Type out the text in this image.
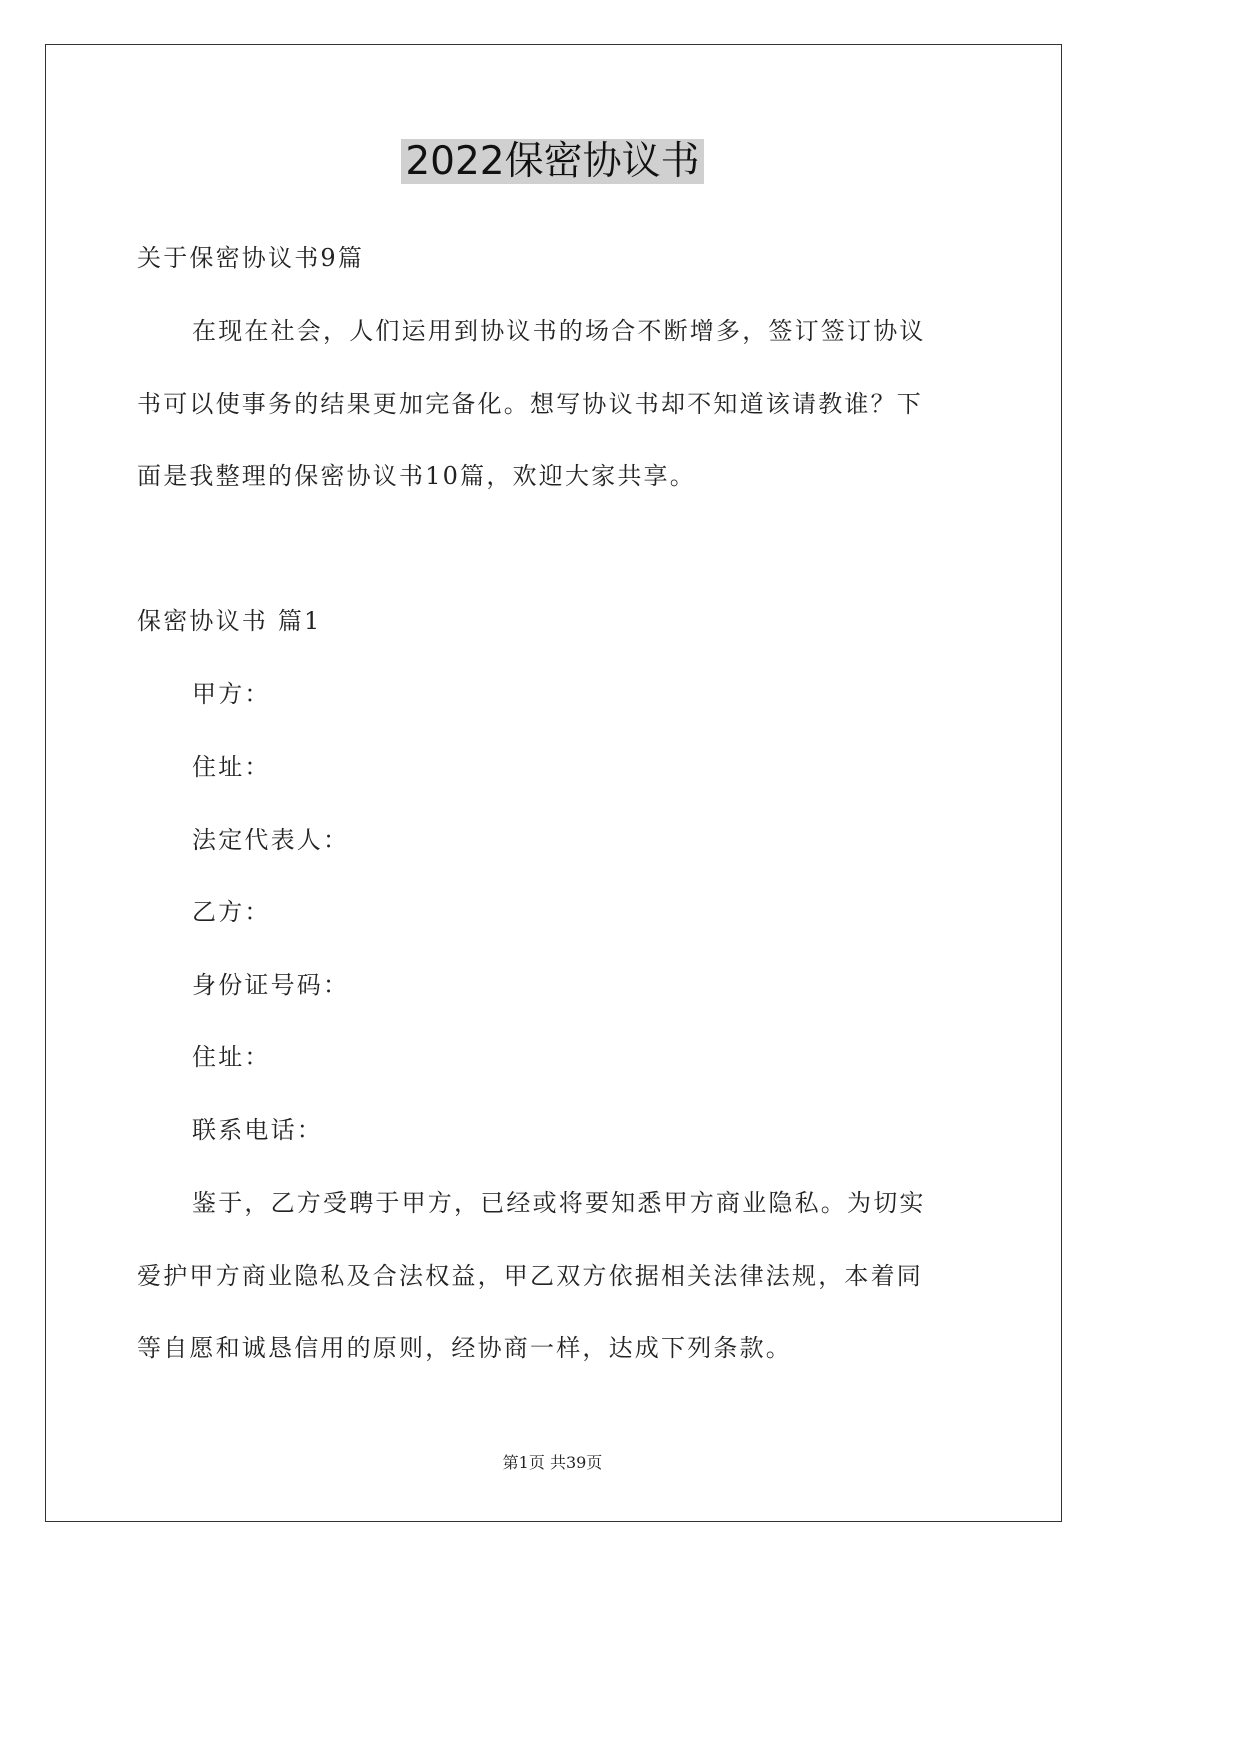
2022保密协议书
关于保密协议书9篇
在现在社会，人们运用到协议书的场合不断增多，签订签订协议
书可以使事务的结果更加完备化。想写协议书却不知道该请教谁？下
面是我整理的保密协议书10篇，欢迎大家共享。
保密协议书 篇1
甲方：
住址：
法定代表人：
乙方：
身份证号码：
住址：
联系电话：
鉴于，乙方受聘于甲方，已经或将要知悉甲方商业隐私。为切实
爱护甲方商业隐私及合法权益，甲乙双方依据相关法律法规，本着同
等自愿和诚恳信用的原则，经协商一样，达成下列条款。
第1页 共39页
